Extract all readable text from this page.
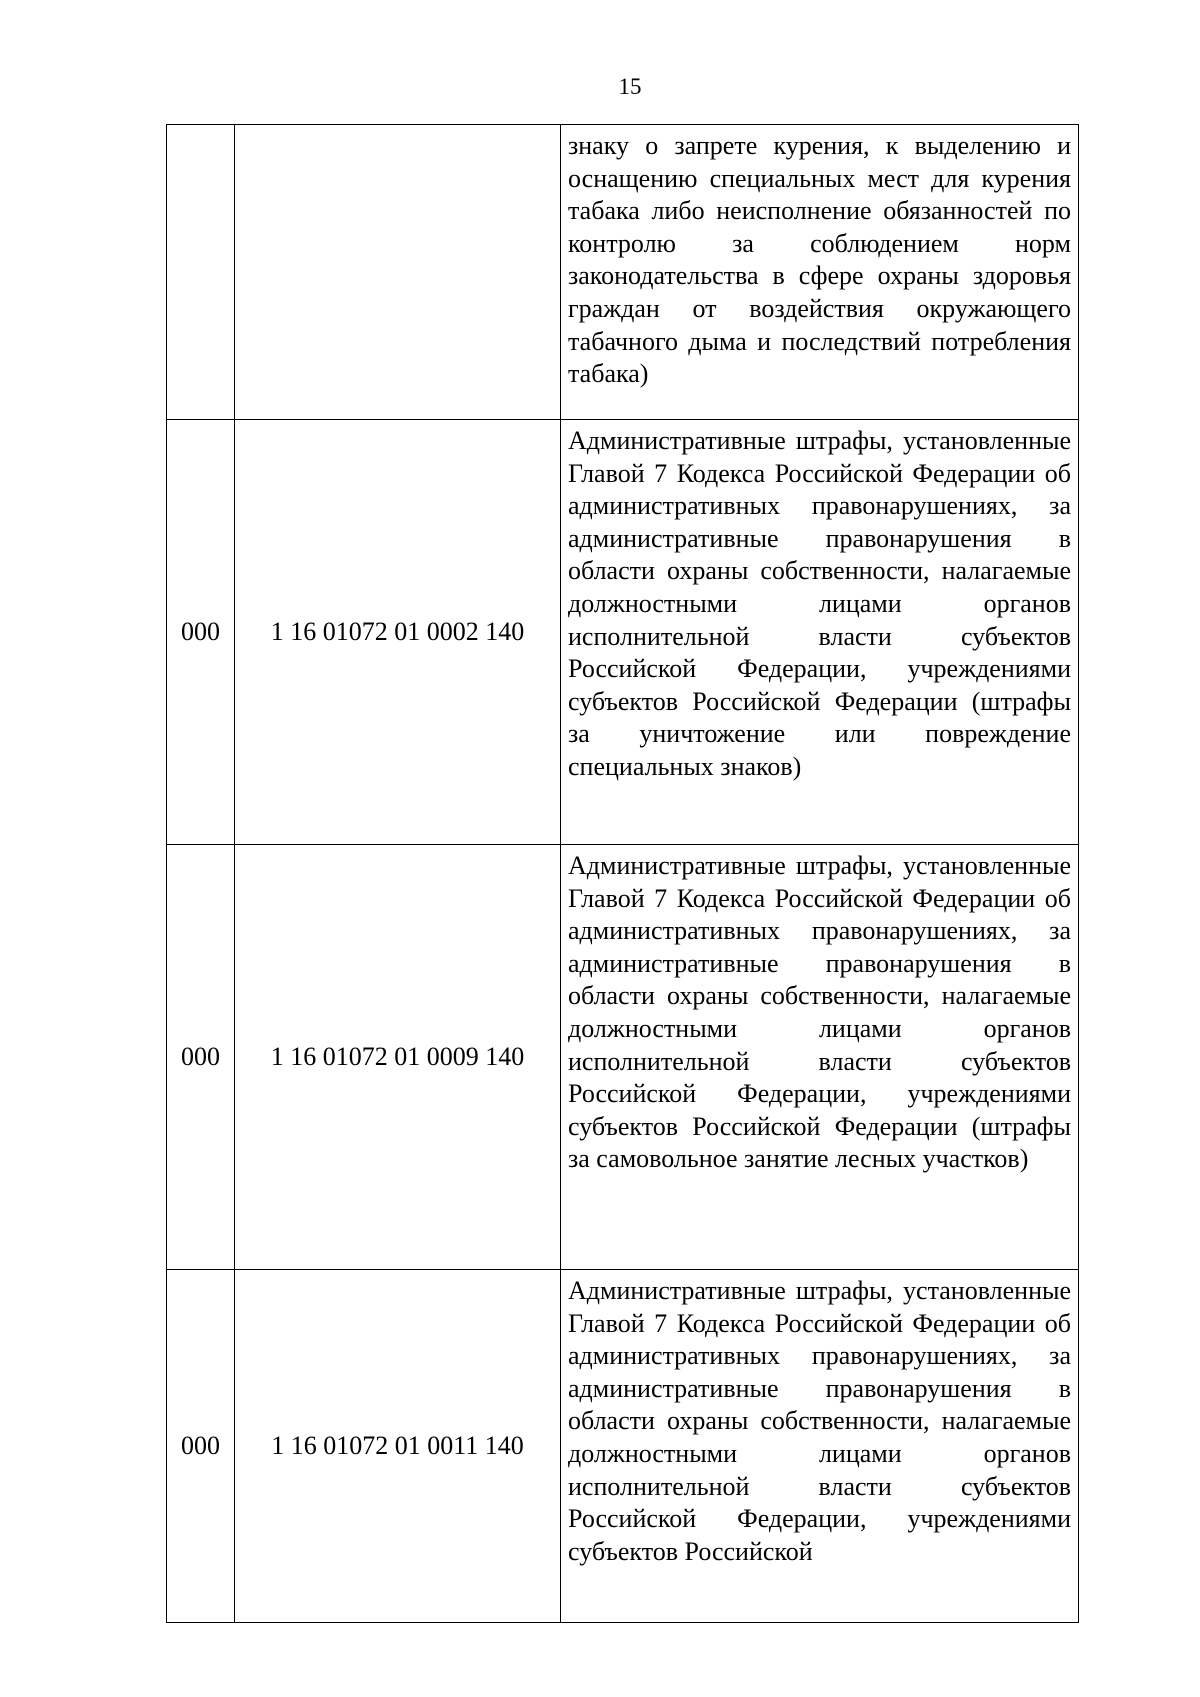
15
		знаку о запрете курения, к выделению и оснащению специальных мест для курения табака либо неисполнение обязанностей по контролю за соблюдением норм законодательства в сфере охраны здоровья граждан от воздействия окружающего табачного дыма и последствий потребления табака)
000	1 16 01072 01 0002 140	Административные штрафы, установленные Главой 7 Кодекса Российской Федерации об административных правонарушениях, за административные правонарушения в области охраны собственности, налагаемые должностными лицами органов исполнительной власти субъектов Российской Федерации, учреждениями субъектов Российской Федерации (штрафы за уничтожение или повреждение специальных знаков)
000	1 16 01072 01 0009 140	Административные штрафы, установленные Главой 7 Кодекса Российской Федерации об административных правонарушениях, за административные правонарушения в области охраны собственности, налагаемые должностными лицами органов исполнительной власти субъектов Российской Федерации, учреждениями субъектов Российской Федерации (штрафы за самовольное занятие лесных участков)
000	1 16 01072 01 0011 140	Административные штрафы, установленные Главой 7 Кодекса Российской Федерации об административных правонарушениях, за административные правонарушения в области охраны собственности, налагаемые должностными лицами органов исполнительной власти субъектов Российской Федерации, учреждениями субъектов Российской
